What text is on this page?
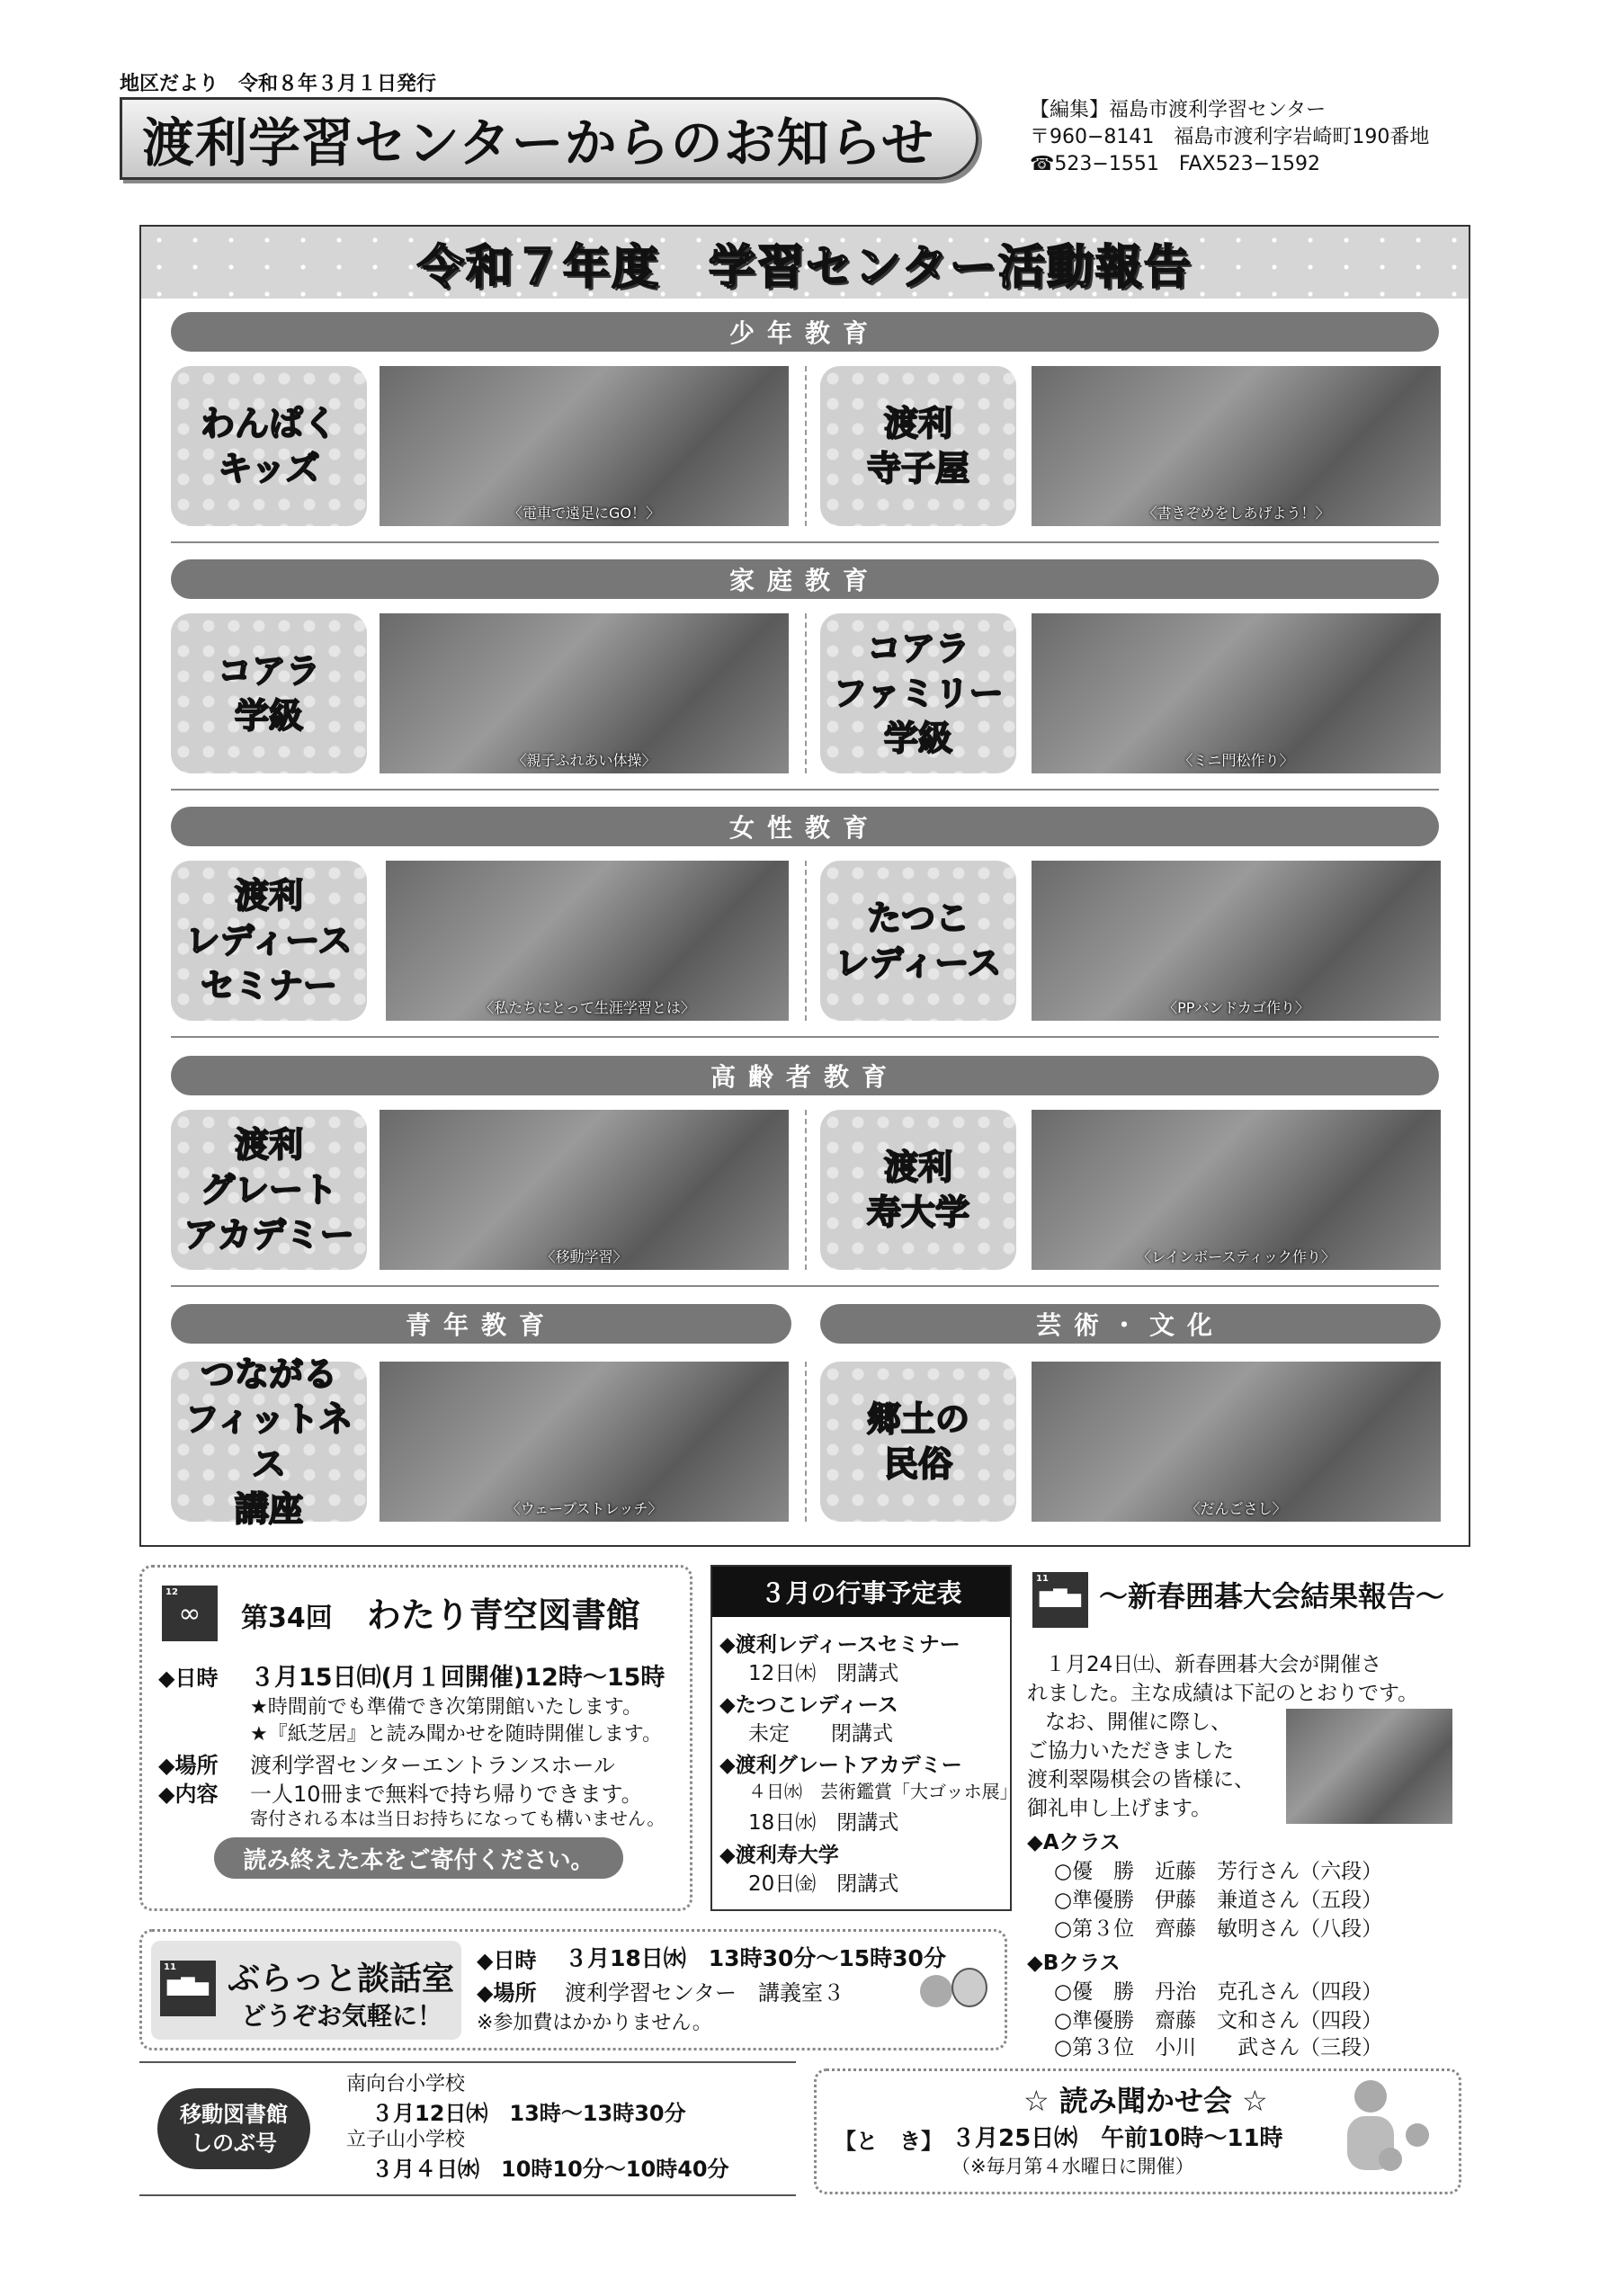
地区だより　令和８年３月１日発行
渡利学習センターからのお知らせ
【編集】福島市渡利学習センター
〒960−8141　福島市渡利字岩崎町190番地
☎523−1551　 FAX523−1592
令和７年度　学習センター活動報告
少年教育
わんぱく
キッズ
〈電車で遠足にGO！〉
渡利
寺子屋
〈書きぞめをしあげよう！〉
家庭教育
コアラ
学級
〈親子ふれあい体操〉
コアラ
ファミリー
学級
〈ミニ門松作り〉
女性教育
渡利
レディース
セミナー
〈私たちにとって生涯学習とは〉
たつこ
レディース
〈PPバンドカゴ作り〉
高齢者教育
渡利
グレート
アカデミー
〈移動学習〉
渡利
寿大学
〈レインボースティック作り〉
青年教育	芸術・文化
つながる
フィットネス
講座	〈ウェーブストレッチ〉
郷土の
民俗
〈だんごさし〉
12
∞	第34回　 わたり青空図書館
◆日時 ３月15日㈰(月１回開催)12時～15時
★時間前でも準備でき次第開館いたします。
★『紙芝居』と読み聞かせを随時開催します。
◆場所 渡利学習センターエントランスホール
◆内容 一人10冊まで無料で持ち帰りできます。
寄付される本は当日お持ちになっても構いません。
読み終えた本をご寄付ください。
３月の行事予定表
◆渡利レディースセミナー
12日㈭　閉講式
◆たつこレディース
未定　　閉講式
◆渡利グレートアカデミー
４日㈬　芸術鑑賞「大ゴッホ展」
18日㈬　閉講式
◆渡利寿大学
20日㈮　閉講式
11
▆▇▅ ～新春囲碁大会結果報告～
１月24日㈯、新春囲碁大会が開催さ
れました。主な成績は下記のとおりです。
なお、開催に際し、
ご協力いただきました
渡利翠陽棋会の皆様に、
御礼申し上げます。
◆Aクラス
○優　勝　近藤　芳行さん（六段）
○準優勝　伊藤　兼道さん（五段）
○第３位　齊藤　敏明さん（八段）
◆Bクラス
○優　勝　丹治　克孔さん（四段）
○準優勝　齋藤　文和さん（四段）
○第３位　小川　　武さん（三段）
11
▆▇▅ ぶらっと談話室
どうぞお気軽に！
◆日時 ３月18日㈬　13時30分～15時30分
◆場所 渡利学習センター　講義室３
※参加費はかかりません。
移動図書館
しのぶ号
南向台小学校
３月12日㈭　13時～13時30分
立子山小学校
３月４日㈬　10時10分～10時40分
☆ 読み聞かせ会 ☆
【と　き】 ３月25日㈬　午前10時～11時
（※毎月第４水曜日に開催）
